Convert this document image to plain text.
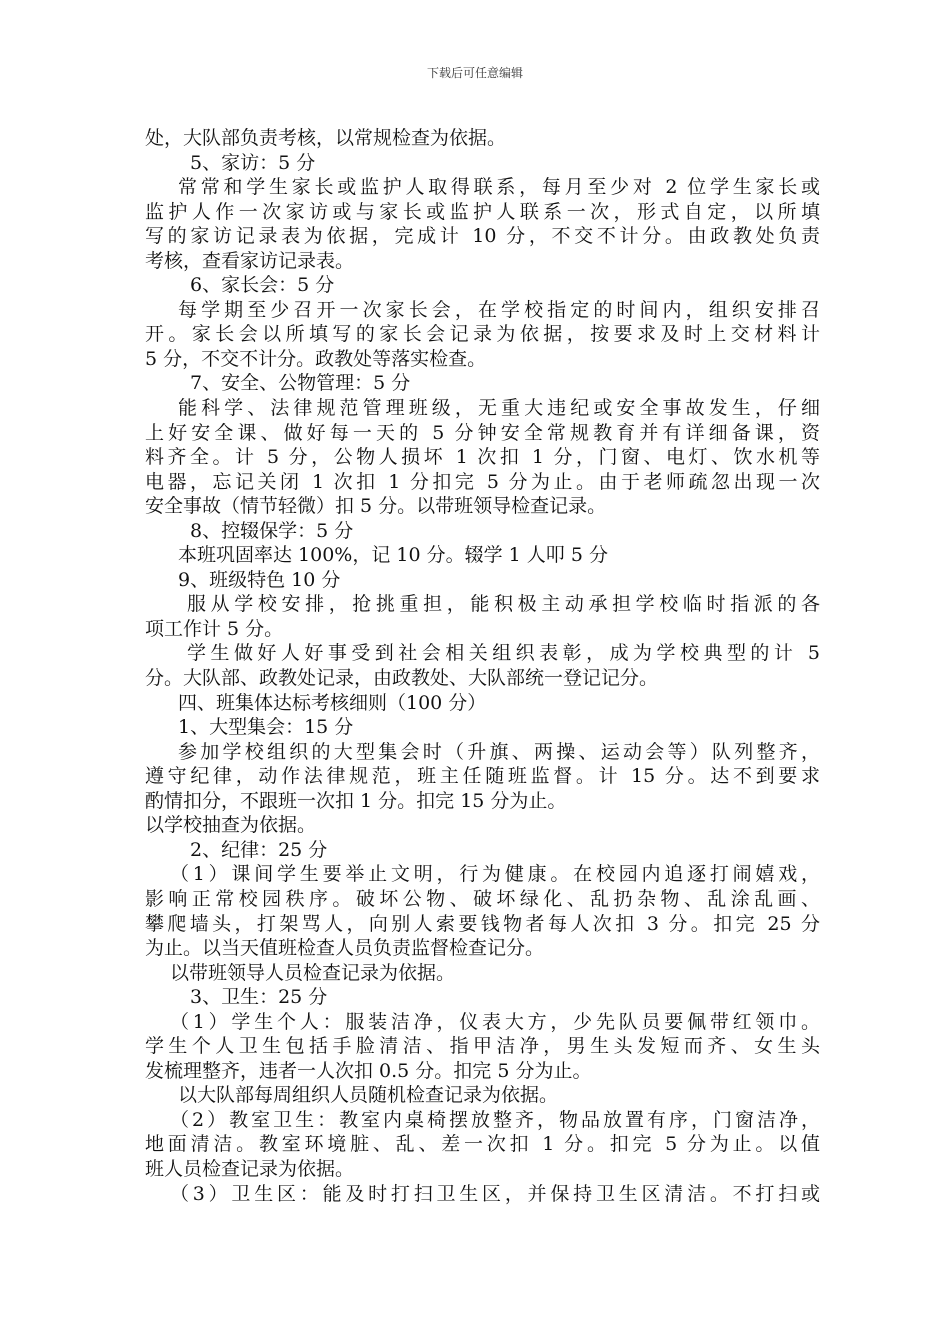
下载后可任意编辑
处，大队部负责考核，以常规检查为依据。
5、家访：5 分
常常和学生家长或监护人取得联系，每月至少对 2 位学生家长或
监护人作一次家访或与家长或监护人联系一次，形式自定，以所填
写的家访记录表为依据，完成计 10 分，不交不计分。由政教处负责
考核，查看家访记录表。
6、家长会：5 分
每学期至少召开一次家长会，在学校指定的时间内，组织安排召
开。家长会以所填写的家长会记录为依据，按要求及时上交材料计
5 分，不交不计分。政教处等落实检查。
7、安全、公物管理：5 分
能科学、法律规范管理班级，无重大违纪或安全事故发生，仔细
上好安全课、做好每一天的 5 分钟安全常规教育并有详细备课，资
料齐全。计 5 分，公物人损坏 1 次扣 1 分，门窗、电灯、饮水机等
电器，忘记关闭 1 次扣 1 分扣完 5 分为止。由于老师疏忽出现一次
安全事故（情节轻微）扣 5 分。以带班领导检查记录。
8、控辍保学：5 分
本班巩固率达 100%，记 10 分。辍学 1 人叩 5 分
9、班级特色 10 分
服从学校安排，抢挑重担，能积极主动承担学校临时指派的各
项工作计 5 分。
学生做好人好事受到社会相关组织表彰，成为学校典型的计 5
分。大队部、政教处记录，由政教处、大队部统一登记记分。
四、班集体达标考核细则（100 分）
1、大型集会：15 分
参加学校组织的大型集会时（升旗、两操、运动会等）队列整齐，
遵守纪律，动作法律规范，班主任随班监督。计 15 分。达不到要求
酌情扣分，不跟班一次扣 1 分。扣完 15 分为止。
以学校抽查为依据。
2、纪律：25 分
（1）课间学生要举止文明，行为健康。在校园内追逐打闹嬉戏，
影响正常校园秩序。破坏公物、破坏绿化、乱扔杂物、乱涂乱画、
攀爬墙头，打架骂人，向别人索要钱物者每人次扣 3 分。扣完 25 分
为止。以当天值班检查人员负责监督检查记分。
以带班领导人员检查记录为依据。
3、卫生：25 分
（1）学生个人：服装洁净，仪表大方，少先队员要佩带红领巾。
学生个人卫生包括手脸清洁、指甲洁净，男生头发短而齐、女生头
发梳理整齐，违者一人次扣 0.5 分。扣完 5 分为止。
以大队部每周组织人员随机检查记录为依据。
（2）教室卫生：教室内桌椅摆放整齐，物品放置有序，门窗洁净，
地面清洁。教室环境脏、乱、差一次扣 1 分。扣完 5 分为止。以值
班人员检查记录为依据。
（3）卫生区：能及时打扫卫生区，并保持卫生区清洁。不打扫或
